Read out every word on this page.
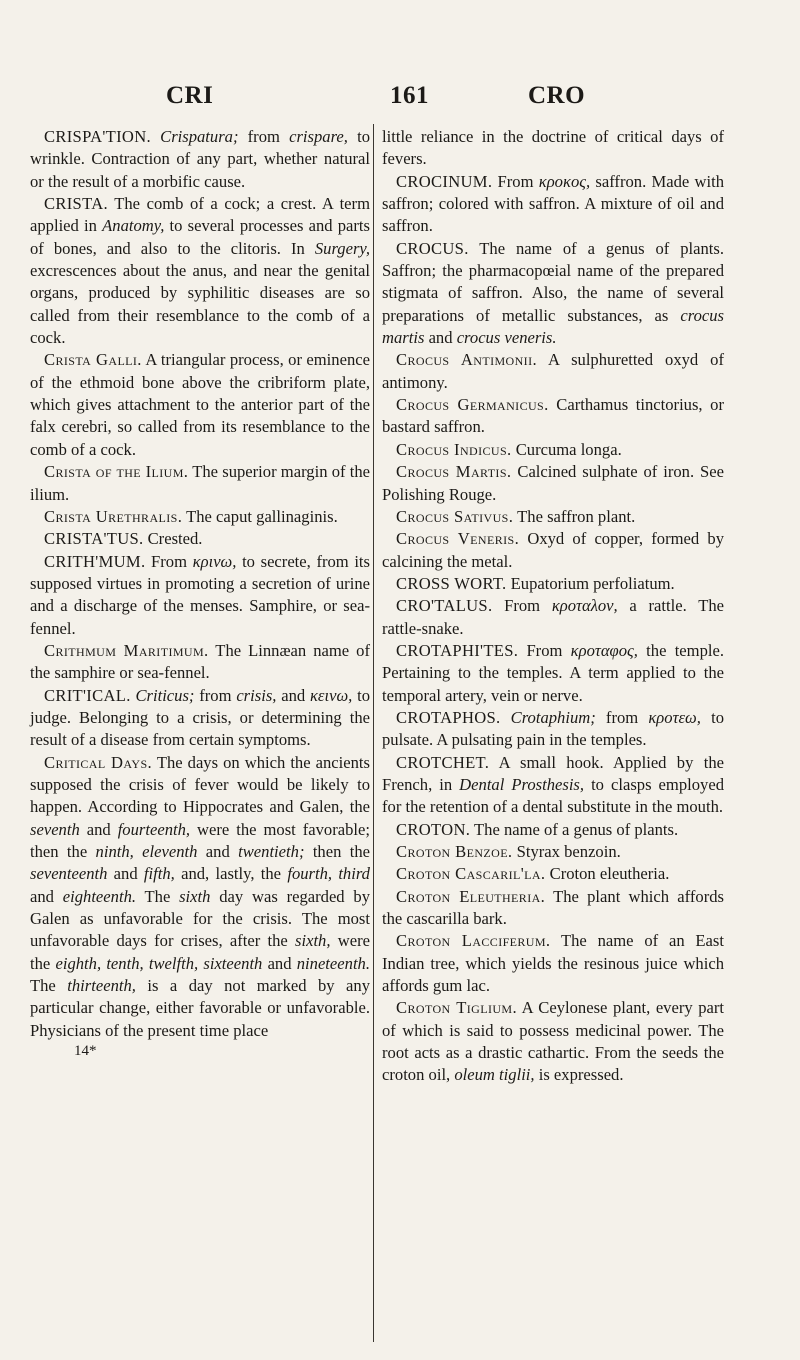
CRI	161	CRO

CRISPA'TION. Crispatura; from crispare, to wrinkle. Contraction of any part, whether natural or the result of a morbific cause.

CRISTA. The comb of a cock; a crest. A term applied in Anatomy, to several processes and parts of bones, and also to the clitoris. In Surgery, excrescences about the anus, and near the genital organs, produced by syphilitic diseases are so called from their resemblance to the comb of a cock.

Crista Galli. A triangular process, or eminence of the ethmoid bone above the cribriform plate, which gives attachment to the anterior part of the falx cerebri, so called from its resemblance to the comb of a cock.

Crista of the Ilium. The superior margin of the ilium.

Crista Urethralis. The caput gallinaginis.

CRISTA'TUS. Crested.

CRITH'MUM. From κρινω, to secrete, from its supposed virtues in promoting a secretion of urine and a discharge of the menses. Samphire, or sea-fennel.

Crithmum Maritimum. The Linnæan name of the samphire or sea-fennel.

CRIT'ICAL. Criticus; from crisis, and κεινω, to judge. Belonging to a crisis, or determining the result of a disease from certain symptoms.

Critical Days. The days on which the ancients supposed the crisis of fever would be likely to happen. According to Hippocrates and Galen, the seventh and fourteenth, were the most favorable; then the ninth, eleventh and twentieth; then the seventeenth and fifth, and, lastly, the fourth, third and eighteenth. The sixth day was regarded by Galen as unfavorable for the crisis. The most unfavorable days for crises, after the sixth, were the eighth, tenth, twelfth, sixteenth and nineteenth. The thirteenth, is a day not marked by any particular change, either favorable or unfavorable. Physicians of the present time place

14*

little reliance in the doctrine of critical days of fevers.

CROCINUM. From κροκος, saffron. Made with saffron; colored with saffron. A mixture of oil and saffron.

CROCUS. The name of a genus of plants. Saffron; the pharmacopœial name of the prepared stigmata of saffron. Also, the name of several preparations of metallic substances, as crocus martis and crocus veneris.

Crocus Antimonii. A sulphuretted oxyd of antimony.

Crocus Germanicus. Carthamus tinctorius, or bastard saffron.

Crocus Indicus. Curcuma longa.

Crocus Martis. Calcined sulphate of iron. See Polishing Rouge.

Crocus Sativus. The saffron plant.

Crocus Veneris. Oxyd of copper, formed by calcining the metal.

CROSS WORT. Eupatorium perfoliatum.

CRO'TALUS. From κροταλον, a rattle. The rattle-snake.

CROTAPHI'TES. From κροταφος, the temple. Pertaining to the temples. A term applied to the temporal artery, vein or nerve.

CROTAPHOS. Crotaphium; from κροτεω, to pulsate. A pulsating pain in the temples.

CROTCHET. A small hook. Applied by the French, in Dental Prosthesis, to clasps employed for the retention of a dental substitute in the mouth.

CROTON. The name of a genus of plants.

Croton Benzoe. Styrax benzoin.

Croton Cascaril'la. Croton eleutheria.

Croton Eleutheria. The plant which affords the cascarilla bark.

Croton Lacciferum. The name of an East Indian tree, which yields the resinous juice which affords gum lac.

Croton Tiglium. A Ceylonese plant, every part of which is said to possess medicinal power. The root acts as a drastic cathartic. From the seeds the croton oil, oleum tiglii, is expressed.
